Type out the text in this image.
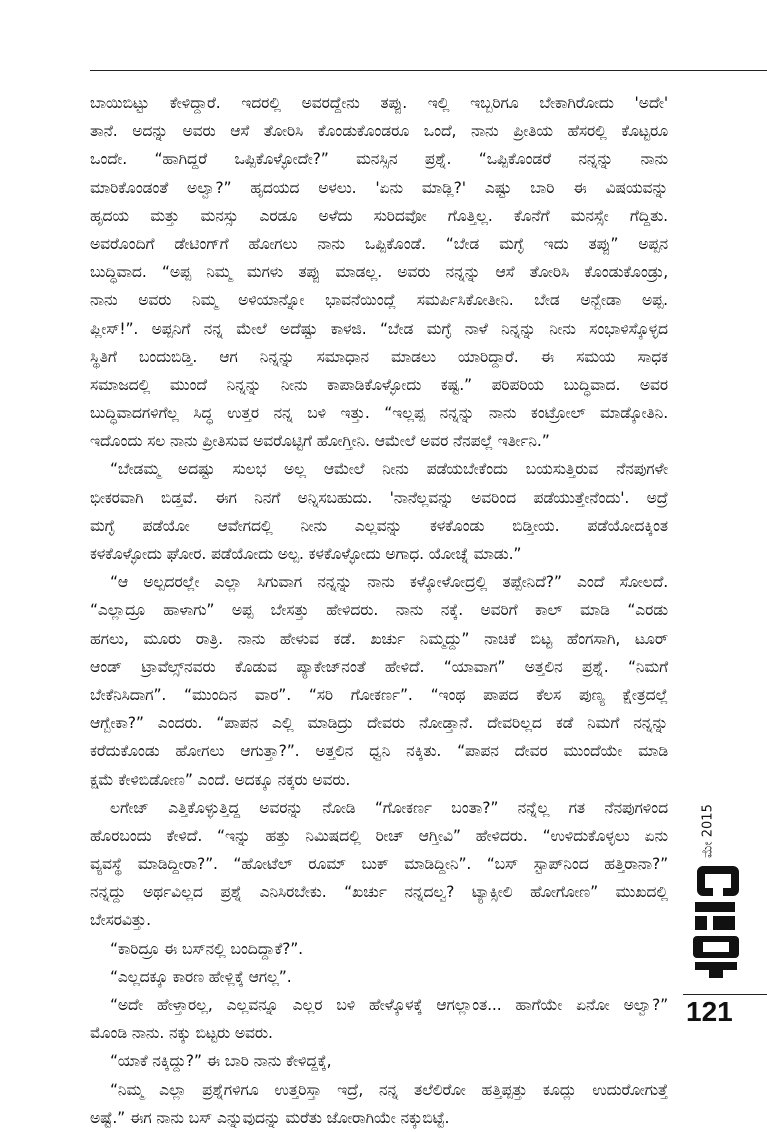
ಬಾಯಿಬಿಟ್ಟು ಕೇಳಿದ್ದಾರೆ. ಇದರಲ್ಲಿ ಅವರದ್ದೇನು ತಪ್ಪು. ಇಲ್ಲಿ ಇಬ್ಬರಿಗೂ ಬೇಕಾಗಿರೋದು 'ಅದೇ'
ತಾನೆ. ಅದನ್ನು ಅವರು ಆಸೆ ತೋರಿಸಿ ಕೊಂಡುಕೊಂಡರೂ ಒಂದೆ, ನಾನು ಪ್ರೀತಿಯ ಹೆಸರಲ್ಲಿ ಕೊಟ್ಟರೂ
ಒಂದೇ. “ಹಾಗಿದ್ದರೆ ಒಪ್ಪಿಕೊಳ್ಳೋದೇ?” ಮನಸ್ಸಿನ ಪ್ರಶ್ನೆ. “ಒಪ್ಪಿಕೊಂಡರೆ ನನ್ನನ್ನು ನಾನು
ಮಾರಿಕೊಂಡಂತೆ ಅಲ್ವಾ?” ಹೃದಯದ ಅಳಲು. 'ಏನು ಮಾಡ್ಲಿ?' ಎಷ್ಟು ಬಾರಿ ಈ ವಿಷಯವನ್ನು
ಹೃದಯ ಮತ್ತು ಮನಸ್ಸು ಎರಡೂ ಅಳೆದು ಸುರಿದವೋ ಗೊತ್ತಿಲ್ಲ. ಕೊನೆಗೆ ಮನಸ್ಸೇ ಗೆದ್ದಿತು.
ಅವರೊಂದಿಗೆ ಡೇಟಿಂಗ್‌ಗೆ ಹೋಗಲು ನಾನು ಒಪ್ಪಿಕೊಂಡೆ. “ಬೇಡ ಮಗ್ಳೆ ಇದು ತಪ್ಪು” ಅಪ್ಪನ
ಬುದ್ಧಿವಾದ. “ಅಪ್ಪ ನಿಮ್ಮ ಮಗಳು ತಪ್ಪು ಮಾಡಲ್ಲ. ಅವರು ನನ್ನನ್ನು ಆಸೆ ತೋರಿಸಿ ಕೊಂಡುಕೊಂಡ್ರು,
ನಾನು ಅವರು ನಿಮ್ಮ ಅಳಿಯಾನ್ನೋ ಭಾವನೆಯಿಂದ್ಲೆ ಸಮರ್ಪಿಸಿಕೋತೀನಿ. ಬೇಡ ಅನ್ಬೇಡಾ ಅಪ್ಪ.
ಪ್ಲೀಸ್!”. ಅಪ್ಪನಿಗೆ ನನ್ನ ಮೇಲೆ ಅದೆಷ್ಟು ಕಾಳಜಿ. “ಬೇಡ ಮಗ್ಳೆ ನಾಳೆ ನಿನ್ನನ್ನು ನೀನು ಸಂಭಾಳಿಸ್ಕೊಳ್ಳದ
ಸ್ಥಿತಿಗೆ ಬಂದುಬಿಡ್ತಿ. ಆಗ ನಿನ್ನನ್ನು ಸಮಾಧಾನ ಮಾಡಲು ಯಾರಿದ್ದಾರೆ. ಈ ಸಮಯ ಸಾಧಕ
ಸಮಾಜದಲ್ಲಿ ಮುಂದೆ ನಿನ್ನನ್ನು ನೀನು ಕಾಪಾಡಿಕೊಳ್ಳೋದು ಕಷ್ಟ.” ಪರಿಪರಿಯ ಬುದ್ಧಿವಾದ. ಅವರ
ಬುದ್ಧಿವಾದಗಳಿಗೆಲ್ಲ ಸಿದ್ಧ ಉತ್ತರ ನನ್ನ ಬಳಿ ಇತ್ತು. “ಇಲ್ಲಪ್ಪ ನನ್ನನ್ನು ನಾನು ಕಂಟ್ರೋಲ್ ಮಾಡ್ಕೋತಿನಿ.
ಇದೊಂದು ಸಲ ನಾನು ಪ್ರೀತಿಸುವ ಅವರೊಟ್ಟಿಗೆ ಹೋಗ್ತೀನಿ. ಆಮೇಲೆ ಅವರ ನೆನಪಲ್ಲೆ ಇರ್ತೀನಿ.”
“ಬೇಡಮ್ಮ ಅದಷ್ಟು ಸುಲಭ ಅಲ್ಲ ಆಮೇಲೆ ನೀನು ಪಡೆಯಬೇಕೆಂದು ಬಯಸುತ್ತಿರುವ ನೆನಪುಗಳೇ
ಭೀಕರವಾಗಿ ಬಿಡ್ತವೆ. ಈಗ ನಿನಗೆ ಅನ್ನಿಸಬಹುದು. 'ನಾನೆಲ್ಲವನ್ನು ಅವರಿಂದ ಪಡೆಯುತ್ತೇನೆಂದು'. ಅದ್ರೆ
ಮಗ್ಳೆ ಪಡೆಯೋ ಆವೇಗದಲ್ಲಿ ನೀನು ಎಲ್ಲವನ್ನು ಕಳಕೊಂಡು ಬಿಡ್ತೀಯ. ಪಡೆಯೋದಕ್ಕಿಂತ
ಕಳಕೊಳ್ಳೋದು ಘೋರ. ಪಡೆಯೋದು ಅಲ್ಪ. ಕಳಕೊಳ್ಳೋದು ಅಗಾಧ. ಯೋಚ್ನೆ ಮಾಡು.”
“ಆ ಅಲ್ಪದರಲ್ಲೇ ಎಲ್ಲಾ ಸಿಗುವಾಗ ನನ್ನನ್ನು ನಾನು ಕಳ್ಕೋಳೋದ್ರಲ್ಲಿ ತಪ್ಪೇನಿದೆ?” ಎಂದೆ ಸೋಲದೆ.
“ಎಲ್ಲಾದ್ರೂ ಹಾಳಾಗು” ಅಪ್ಪ ಬೇಸತ್ತು ಹೇಳಿದರು. ನಾನು ನಕ್ಕೆ. ಅವರಿಗೆ ಕಾಲ್ ಮಾಡಿ “ಎರಡು
ಹಗಲು, ಮೂರು ರಾತ್ರಿ. ನಾನು ಹೇಳುವ ಕಡೆ. ಖರ್ಚು ನಿಮ್ಮದ್ದು” ನಾಚಿಕೆ ಬಿಟ್ಟ ಹೆಂಗಸಾಗಿ, ಟೂರ್
ಆಂಡ್ ಟ್ರಾವೆಲ್ಸ್‌ನವರು ಕೊಡುವ ಪ್ಯಾಕೇಜ್‌ನಂತೆ ಹೇಳಿದೆ. “ಯಾವಾಗ” ಅತ್ತಲಿನ ಪ್ರಶ್ನೆ. “ನಿಮಗೆ
ಬೇಕೆನಿಸಿದಾಗ”. “ಮುಂದಿನ ವಾರ”. “ಸರಿ ಗೋಕರ್ಣ”. “ಇಂಥ ಪಾಪದ ಕೆಲಸ ಪುಣ್ಯ ಕ್ಷೇತ್ರದಲ್ಲೆ
ಆಗ್ಬೇಕಾ?” ಎಂದರು. “ಪಾಪನ ಎಲ್ಲಿ ಮಾಡಿದ್ರು ದೇವರು ನೋಡ್ತಾನೆ. ದೇವರಿಲ್ಲದ ಕಡೆ ನಿಮಗೆ ನನ್ನನ್ನು
ಕರೆದುಕೊಂಡು ಹೋಗಲು ಆಗುತ್ತಾ?”. ಅತ್ತಲಿನ ಧ್ವನಿ ನಕ್ಕಿತು. “ಪಾಪನ ದೇವರ ಮುಂದೆಯೇ ಮಾಡಿ
ಕ್ಷಮೆ ಕೇಳಿಬಿಡೋಣ” ಎಂದೆ. ಅದಕ್ಕೂ ನಕ್ಕರು ಅವರು.
ಲಗೇಜ್ ಎತ್ತಿಕೊಳ್ಳುತ್ತಿದ್ದ ಅವರನ್ನು ನೋಡಿ “ಗೋಕರ್ಣ ಬಂತಾ?” ನನ್ನೆಲ್ಲ ಗತ ನೆನಪುಗಳಿಂದ
ಹೊರಬಂದು ಕೇಳಿದೆ. “ಇನ್ನು ಹತ್ತು ನಿಮಿಷದಲ್ಲಿ ರೀಚ್ ಆಗ್ತೀವಿ” ಹೇಳಿದರು. “ಉಳಿದುಕೊಳ್ಳಲು ಏನು
ವ್ಯವಸ್ಥೆ ಮಾಡಿದ್ದೀರಾ?”. “ಹೋಟೆಲ್ ರೂಮ್ ಬುಕ್ ಮಾಡಿದ್ದೀನಿ”. “ಬಸ್ ಸ್ಟಾಪ್‌ನಿಂದ ಹತ್ತಿರಾನಾ?”
ನನ್ನದ್ದು ಅರ್ಥವಿಲ್ಲದ ಪ್ರಶ್ನೆ ಎನಿಸಿರಬೇಕು. “ಖರ್ಚು ನನ್ನದಲ್ವ? ಟ್ಯಾಕ್ಸೀಲಿ ಹೋಗೋಣ” ಮುಖದಲ್ಲಿ
ಬೇಸರವಿತ್ತು.
“ಕಾರಿದ್ರೂ ಈ ಬಸ್‌ನಲ್ಲಿ ಬಂದಿದ್ದಾಕೆ?”.
“ಎಲ್ಲದಕ್ಕೂ ಕಾರಣ ಹೇಳ್ಲಿಕ್ಕೆ ಆಗಲ್ಲ”.
“ಅದೇ ಹೇಳ್ತಾರಲ್ಲ, ಎಲ್ಲವನ್ನೂ ಎಲ್ಲರ ಬಳಿ ಹೇಳ್ಕೊಳಕ್ಕೆ ಆಗಲ್ಲಾಂತ... ಹಾಗೆಯೇ ಏನೋ ಅಲ್ವಾ?”
ಮೊಂಡಿ ನಾನು. ನಕ್ಕು ಬಿಟ್ಟರು ಅವರು.
“ಯಾಕೆ ನಕ್ಕಿದ್ದು?” ಈ ಬಾರಿ ನಾನು ಕೇಳಿದ್ದಕ್ಕೆ,
“ನಿಮ್ಮ ಎಲ್ಲಾ ಪ್ರಶ್ನೆಗಳಿಗೂ ಉತ್ತರಿಸ್ತಾ ಇದ್ರೆ, ನನ್ನ ತಲೆಲಿರೋ ಹತ್ತಿಪ್ಪತ್ತು ಕೂದ್ಲು ಉದುರೋಗುತ್ತೆ
ಅಷ್ಟೆ.” ಈಗ ನಾನು ಬಸ್ ಎನ್ನುವುದನ್ನು ಮರೆತು ಜೋರಾಗಿಯೇ ನಕ್ಕುಬಿಟ್ಟೆ.
ಮೇ 2015
121
